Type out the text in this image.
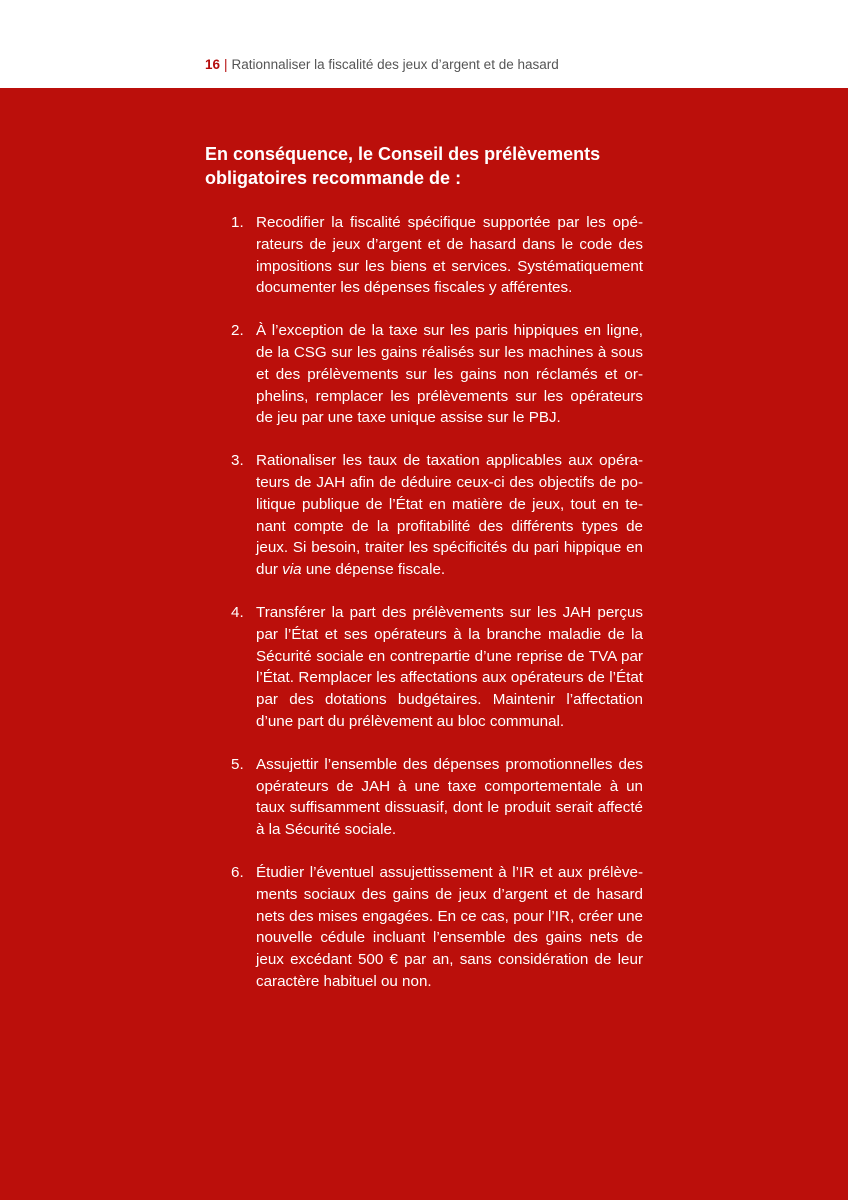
16 | Rationnaliser la fiscalité des jeux d’argent et de hasard

En conséquence, le Conseil des prélèvements obligatoires recommande de :

1. Recodifier la fiscalité spécifique supportée par les opérateurs de jeux d’argent et de hasard dans le code des impositions sur les biens et services. Systématiquement documenter les dépenses fiscales y afférentes.
2. À l’exception de la taxe sur les paris hippiques en ligne, de la CSG sur les gains réalisés sur les machines à sous et des prélèvements sur les gains non réclamés et orphelins, remplacer les prélèvements sur les opérateurs de jeu par une taxe unique assise sur le PBJ.
3. Rationaliser les taux de taxation applicables aux opérateurs de JAH afin de déduire ceux-ci des objectifs de politique publique de l’État en matière de jeux, tout en tenant compte de la profitabilité des différents types de jeux. Si besoin, traiter les spécificités du pari hippique en dur via une dépense fiscale.
4. Transférer la part des prélèvements sur les JAH perçus par l’État et ses opérateurs à la branche maladie de la Sécurité sociale en contrepartie d’une reprise de TVA par l’État. Remplacer les affectations aux opérateurs de l’État par des dotations budgétaires. Maintenir l’affectation d’une part du prélèvement au bloc communal.
5. Assujettir l’ensemble des dépenses promotionnelles des opérateurs de JAH à une taxe comportementale à un taux suffisamment dissuasif, dont le produit serait affecté à la Sécurité sociale.
6. Étudier l’éventuel assujettissement à l’IR et aux prélèvements sociaux des gains de jeux d’argent et de hasard nets des mises engagées. En ce cas, pour l’IR, créer une nouvelle cédule incluant l’ensemble des gains nets de jeux excédant 500 € par an, sans considération de leur caractère habituel ou non.
